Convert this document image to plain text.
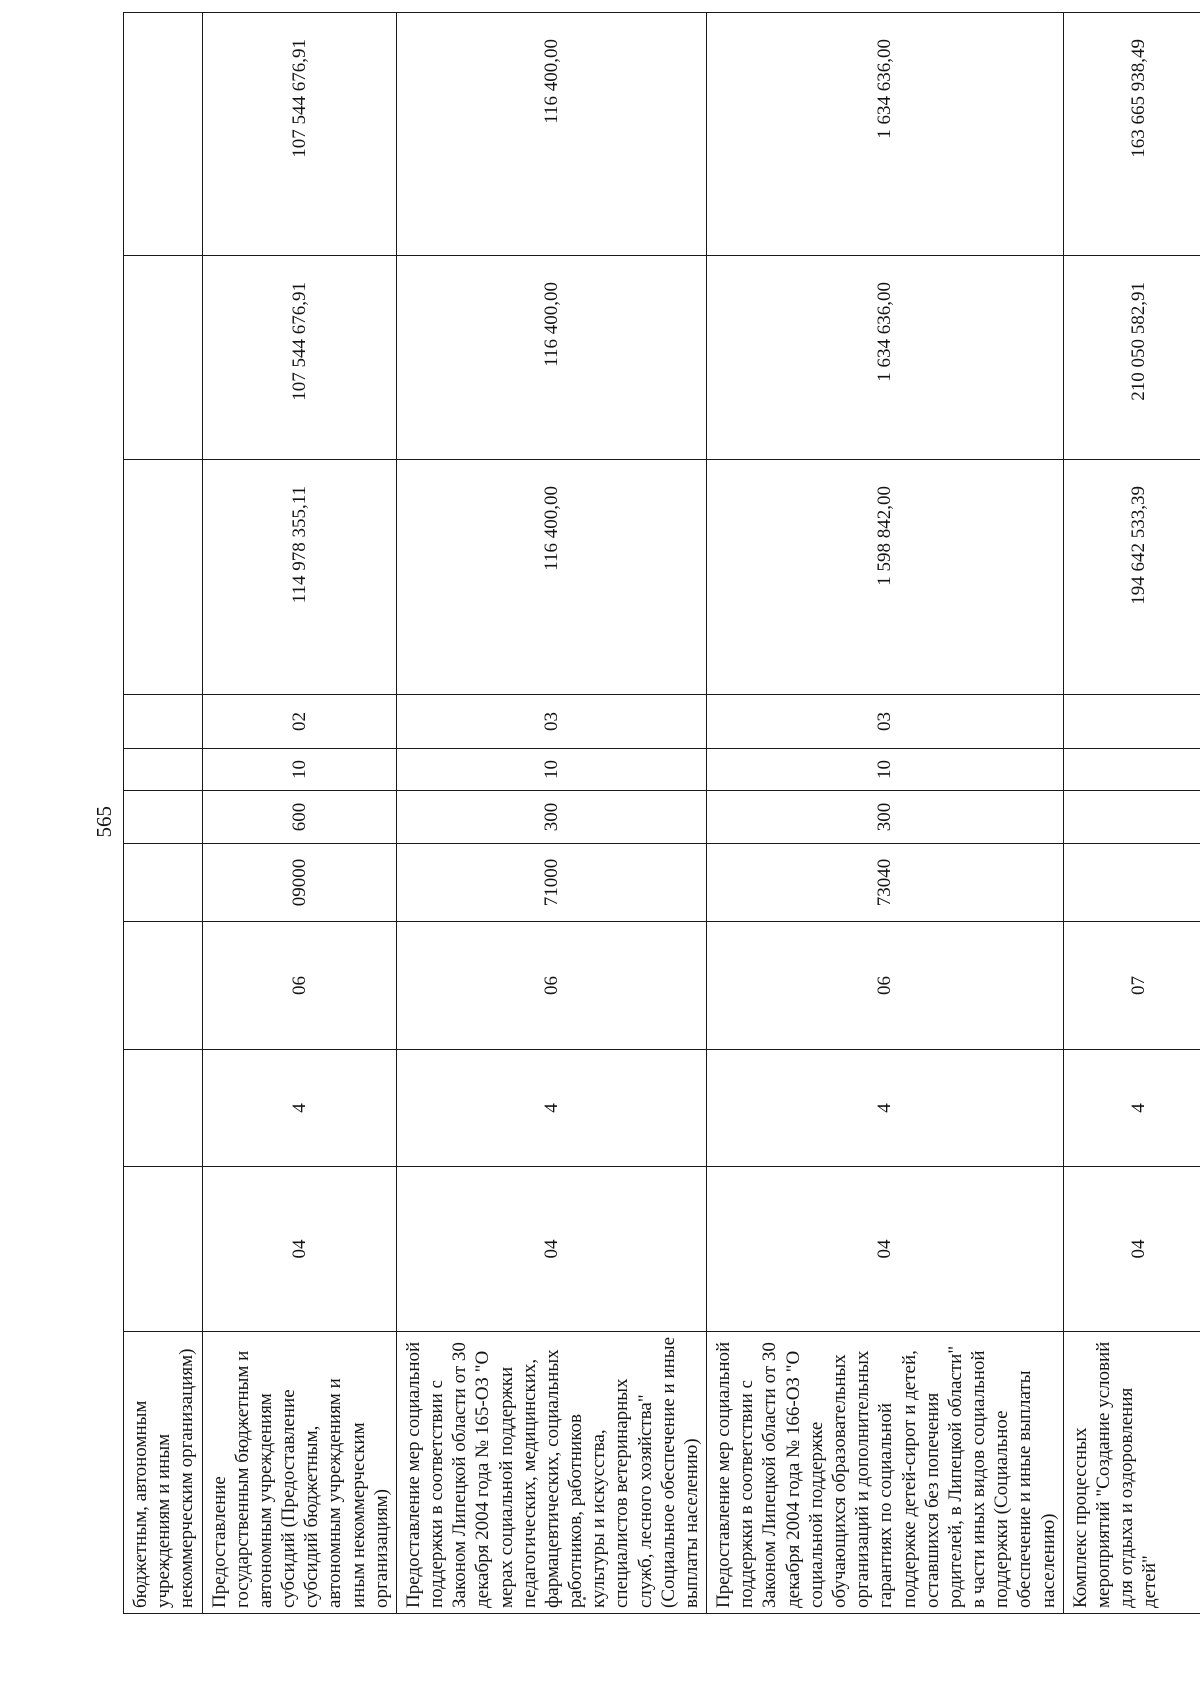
565
бюджетным, автономным учреждениям и иным некоммерческим организациям)										
Предоставление государственным бюджетным и автономным учреждениям субсидий (Предоставление субсидий бюджетным, автономным учреждениям и иным некоммерческим организациям)	04	4	06	09000	600	10	02	114 978 355,11	107 544 676,91	107 544 676,91
Предоставление мер социальной поддержки в соответствии с Законом Липецкой области от 30 декабря 2004 года № 165-ОЗ "О мерах социальной поддержки педагогических, медицинских, фармацевтических, социальных работников, работников культуры и искусства, специалистов ветеринарных служб, лесного хозяйства" (Социальное обеспечение и иные выплаты населению)	04	4	06	71000	300	10	03	116 400,00	116 400,00	116 400,00
Предоставление мер социальной поддержки в соответствии с Законом Липецкой области от 30 декабря 2004 года № 166-ОЗ "О социальной поддержке обучающихся образовательных организаций и дополнительных гарантиях по социальной поддержке детей-сирот и детей, оставшихся без попечения родителей, в Липецкой области" в части иных видов социальной поддержки (Социальное обеспечение и иные выплаты населению)	04	4	06	73040	300	10	03	1 598 842,00	1 634 636,00	1 634 636,00
Комплекс процессных мероприятий "Создание условий для отдыха и оздоровления детей"	04	4	07					194 642 533,39	210 050 582,91	163 665 938,49
